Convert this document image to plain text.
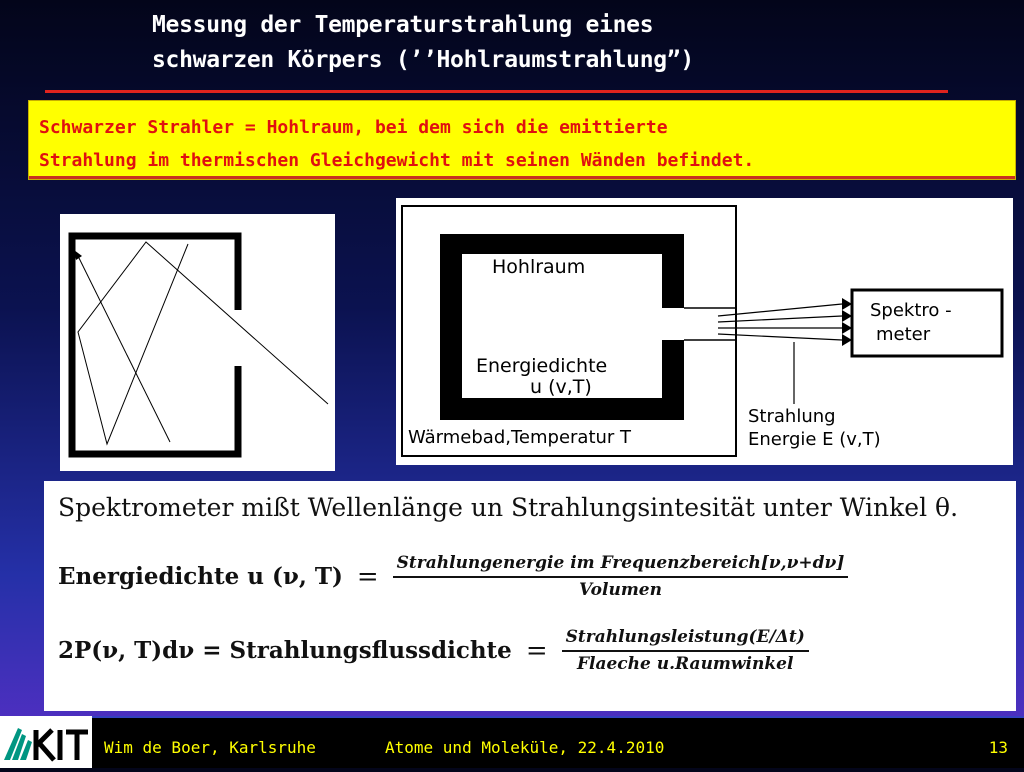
Messung der Temperaturstrahlung eines
schwarzen Körpers (’’Hohlraumstrahlung”)
Schwarzer Strahler = Hohlraum, bei dem sich die emittierte
Strahlung im thermischen Gleichgewicht mit seinen Wänden befindet.
Hohlraum
Energiedichte
u (v,T)
Wärmebad,Temperatur T
Spektro -
meter
Strahlung
Energie E (v,T)
Spektrometer mißt Wellenlänge un Strahlungsintesität unter Winkel θ.
Energiedichte u (ν, $T) = \frac{\text{Strahlungenergie im Frequenzbereich[ν,ν+dν]}}{\text{Volumen}}$
2P(ν, T)dν = Strahlungsflussdichte = $\frac{\text{Strahlungsleistung(E/Δt)}}{\text{Flaeche u.Raumwinkel}}$
Wim de Boer, Karlsruhe	Atome und Moleküle, 22.4.2010	13
